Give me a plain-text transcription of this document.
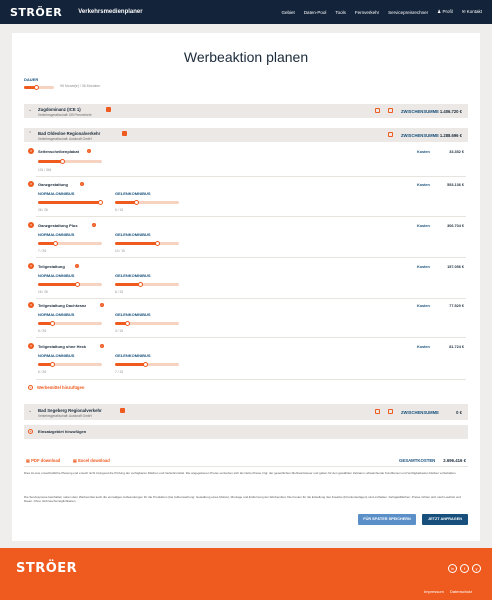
STRÖER	Verkehrsmedienplaner	Gebiet Daten-Pool Tools Fernverkehr Servicepreisrechner ♟ Profil ✉ Kontakt
Werbeaktion planen
DAUER
96 Monat(e) / 36 Monaten
⌄ Zugdominanz (ICE 1)
Verkehrsgesellschaft: DB Fernverkehr
ZWISCHENSUMME 1.406.720 €
⌃ Bad Oldesloe Regionalverkehr
Verkehrsgesellschaft: Autokraft GmbH
ZWISCHENSUMME 1.288.696 €
×	Seitenscheibenplakat	i	Kosten	33.352 €
131 / 344
×	Ganzgestaltung	i	Kosten	553.136 €
NORMALOMNIBUS	GELENKOMNIBUS
26 / 26	5 / 15
×	Ganzgestaltung Plus	i	Kosten	306.704 €
NORMALOMNIBUS	GELENKOMNIBUS
7 / 26	10 / 15
×	Teilgestaltung	i	Kosten	157.056 €
NORMALOMNIBUS	GELENKOMNIBUS
16 / 26	6 / 15
×	Teilgestaltung Dachkranz	i	Kosten	77.520 €
NORMALOMNIBUS	GELENKOMNIBUS
6 / 26	3 / 15
×	Teilgestaltung ohne Heck	i	Kosten	81.724 €
NORMALOMNIBUS	GELENKOMNIBUS
6 / 26	7 / 15
+	Werbemittel hinzufügen
⌄ Bad Segeberg Regionalverkehr
Verkehrsgesellschaft: Autokraft GmbH
ZWISCHENSUMME	0 €
+	Einsatzgebiet hinzufügen
▤ PDF download	▤ Excel download	GESAMTKOSTEN 2.696.416 €

Dies ist eine unverbindliche Planung und ersetzt nicht zwingend die Prüfung der verfügbaren Flächen und Verkehrsmittel. Die angegebenen Preise verstehen sich als Netto-Preise zzgl. der gesetzlichen Mehrwertsteuer und gelten für den gewählten Zeitraum; abweichende Konditionen und Verfügbarkeiten bleiben vorbehalten.

Die Servicepreise beinhalten neben dem Werbemittel auch die einmaligen Aufwendungen für die Produktion (bei Außenwerbung: Gestaltung eines Motivs), Montage und Entfernung der Werbemittel. Die Kosten für die Erstellung des Kreativs (Druckunterlagen) sind enthalten. Fahrgastflächen: Preise richten sich nach Laufzeit und Dauer. Ohne Verbrauchsmöglichkeiten.

FÜR SPÄTER SPEICHERN	JETZT ANFRAGEN
STRÖER	in	f	y
Impressum Datenschutz
